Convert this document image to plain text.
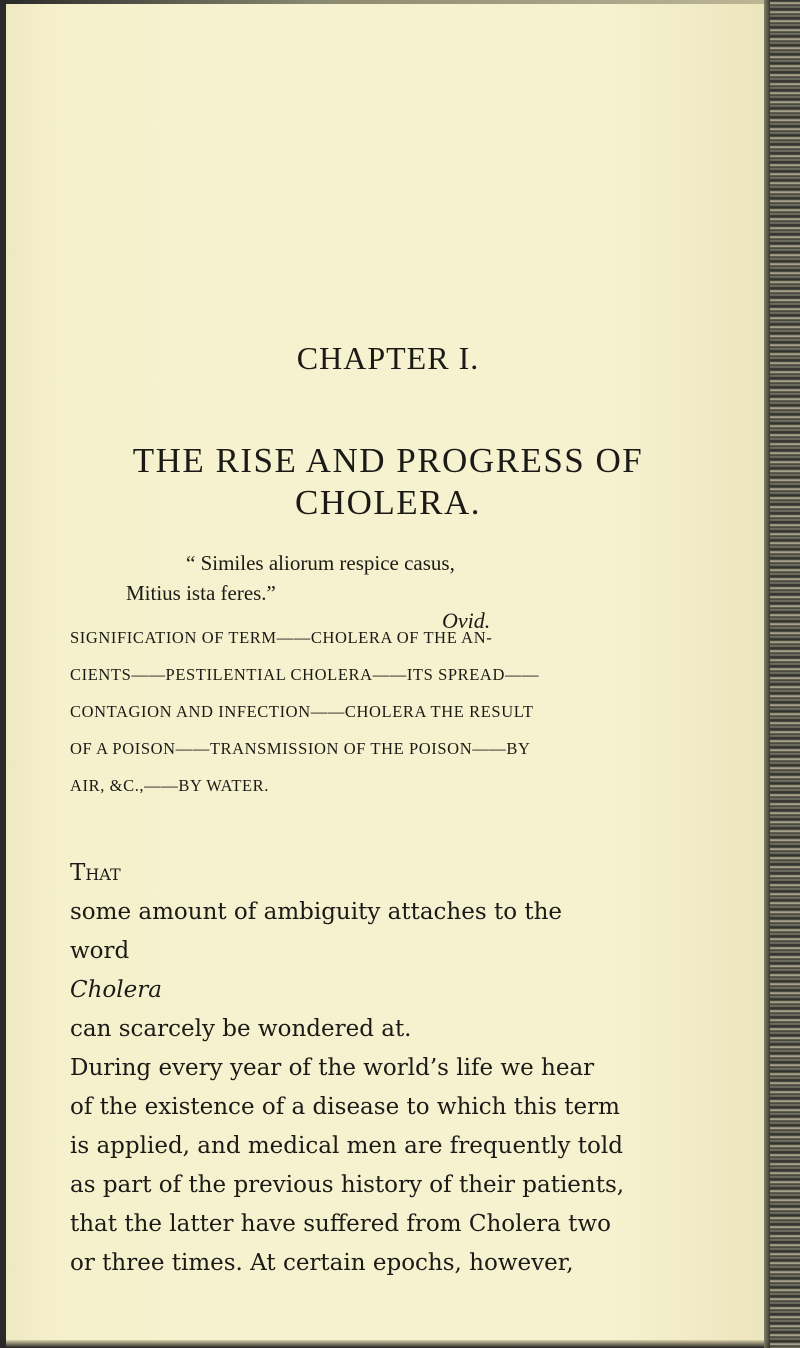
CHAPTER I.
THE RISE AND PROGRESS OF
CHOLERA.
“ Similes aliorum respice casus,
Mitius ista feres.”
Ovid.
SIGNIFICATION OF TERM——CHOLERA OF THE AN-
CIENTS——PESTILENTIAL CHOLERA——ITS SPREAD——
CONTAGION AND INFECTION——CHOLERA THE RESULT
OF A POISON——TRANSMISSION OF THE POISON——BY
AIR, &C.,——BY WATER.
That
some amount of ambiguity attaches to the
word
Cholera
can scarcely be wondered at.
During every year of the world’s life we hear
of the existence of a disease to which this term
is applied, and medical men are frequently told
as part of the previous history of their patients,
that the latter have suffered from Cholera two
or three times. At certain epochs, however,
